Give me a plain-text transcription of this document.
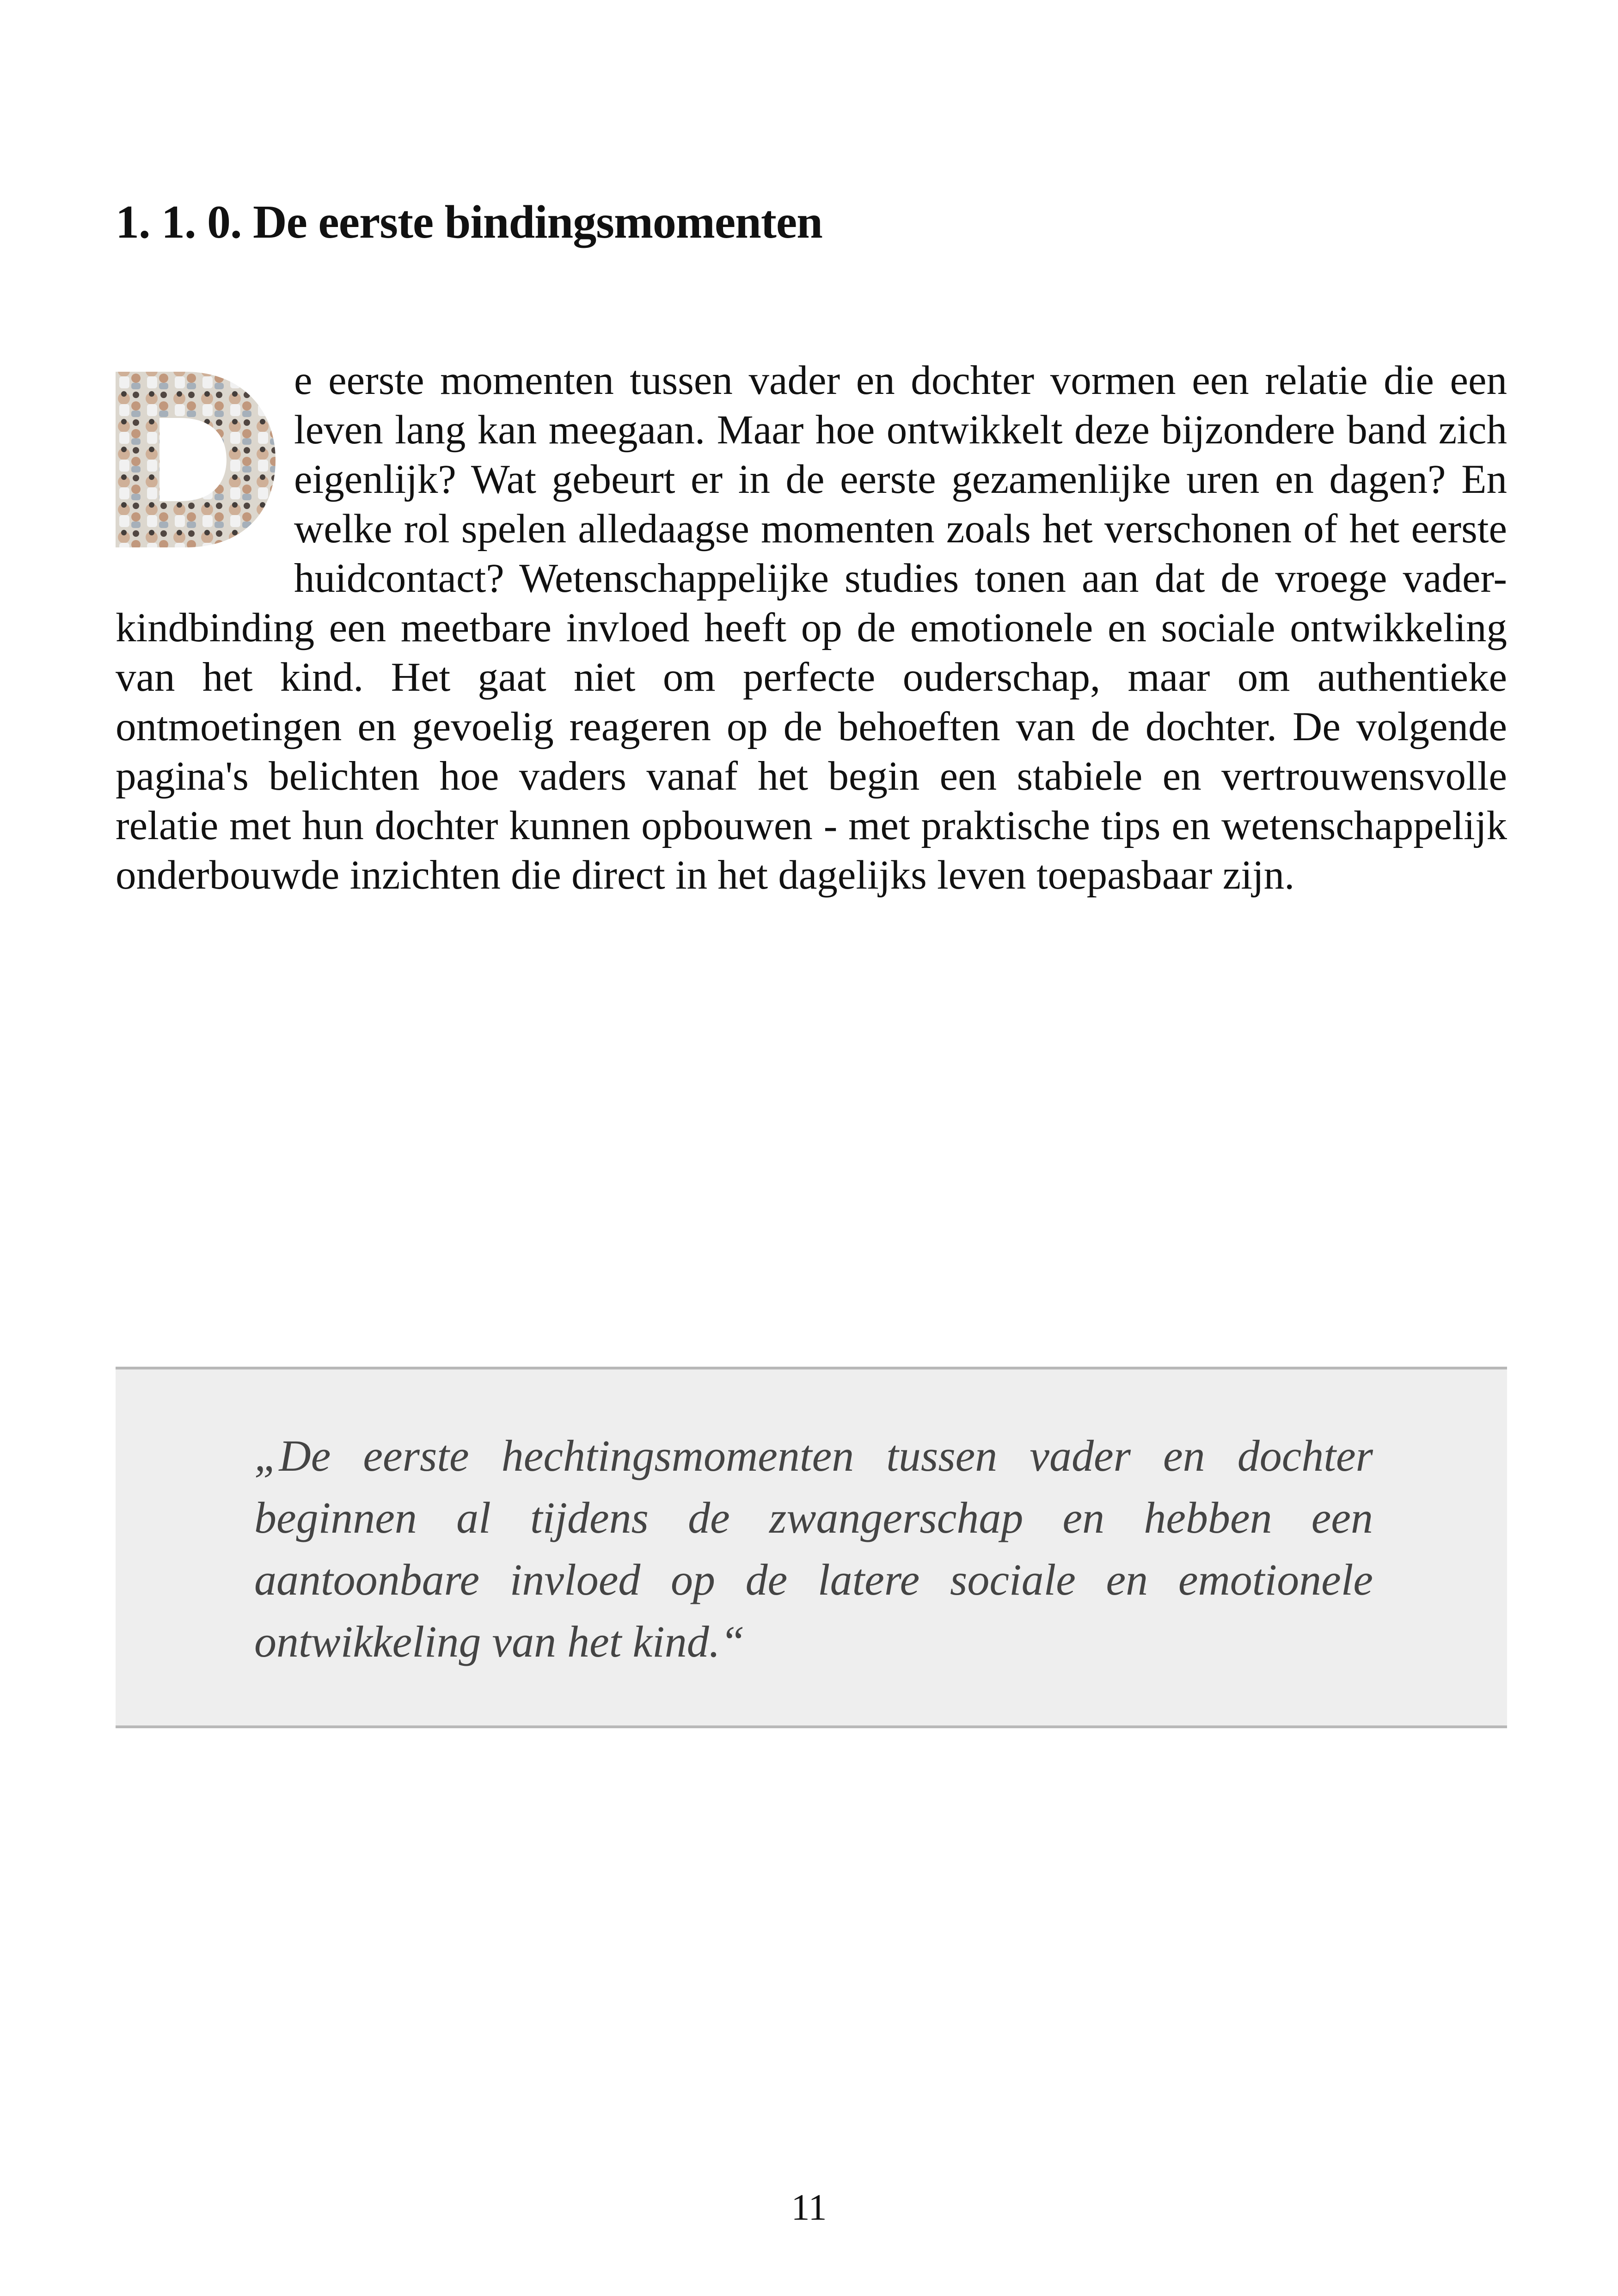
1. 1. 0. De eerste bindingsmomenten

e eerste momenten tussen vader en dochter vormen een relatie die een leven lang kan meegaan. Maar hoe ontwikkelt deze bijzondere band zich eigenlijk? Wat gebeurt er in de eerste gezamenlijke uren en dagen? En welke rol spelen alledaagse momenten zoals het verschonen of het eerste huidcontact? Wetenschappelijke studies tonen aan dat de vroege vader-kindbinding een meetbare invloed heeft op de emotionele en sociale ontwikkeling van het kind. Het gaat niet om perfecte ouderschap, maar om authentieke ontmoetingen en gevoelig reageren op de behoeften van de dochter. De volgende pagina's belichten hoe vaders vanaf het begin een stabiele en vertrouwensvolle relatie met hun dochter kunnen opbouwen - met praktische tips en wetenschappelijk onderbouwde inzichten die direct in het dagelijks leven toepasbaar zijn.

„De eerste hechtingsmomenten tussen vader en dochter beginnen al tijdens de zwangerschap en hebben een aantoonbare invloed op de latere sociale en emotionele ontwikkeling van het kind.“

11
